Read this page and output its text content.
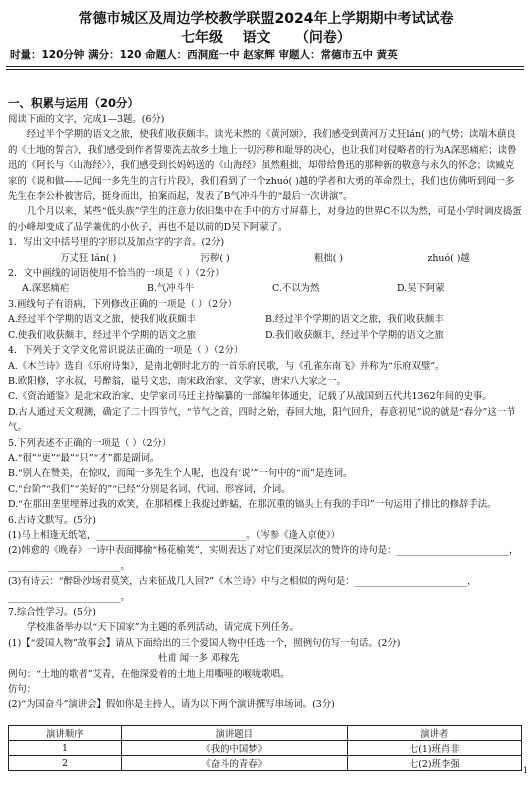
常德市城区及周边学校教学联盟2024年上学期期中考试试卷
七年级 语文 （问卷）
时量：120分钟 满分：120 命题人：西洞庭一中 赵家辉 审题人：常德市五中 黄英
一、积累与运用（20分）

阅读下面的文字，完成1—3题。(6分)

经过半个学期的语文之旅，使我们收获颇丰。读光未然的《黄河颂》，我们感受到黄河万丈狂lán( )的气势；读端木蕻良的《土地的誓言》，我们感受到作者誓要洗去故乡土地上一切污秽和耻辱的决心，也让我们对侵略者的行为A深恶痛疟；读鲁迅的《阿长与〈山海经〉》，我们感受到长妈妈送的《山海经》虽然粗拙，却带给鲁迅的那种新的敬意与永久的怀念；读臧克家的《说和做——记闻一多先生的言行片段》，我们看到了一个zhuó( )越的学者和大勇的革命烈士，我们也仿佛听到闻一多先生在李公朴被害后，挺身而出，拍案而起，发表了B气冲斗牛的“最后一次讲演”。

几个月以来，某些“低头族”学生的注意力依旧集中在手中的方寸屏幕上，对身边的世界C不以为然，可是小学时调皮捣蛋的小峰却变成了品学兼优的小伙子，再也不是以前的D吴下阿蒙了。

1．写出文中括号里的字形以及加点字的字音。(2分)

万丈狂 lán( )	污秽( )	粗拙( )	zhuó( )越

2．文中画线的词语使用不恰当的一项是（ ）（2分）

A.深恶痛疟	B.气冲斗牛	C.不以为然	D.吴下阿蒙

3.画线句子有语病，下列修改正确的一项是（ ）（2分）

A.经过半个学期的语文之旅，使我们收获颇丰	B.经过半个学期的语文之旅，我们收获颇丰
C.使我们收获颇丰，经过半个学期的语文之旅	D.我们收获颇丰，经过半个学期的语文之旅

4．下列关于文学文化常识说法正确的一项是（ ）（2分）

A.《木兰诗》选自《乐府诗集》，是南北朝时北方的一首乐府民歌，与《孔雀东南飞》并称为“乐府双璧”。

B.欧阳修，字永叔，号醉翁，谥号文忠，南宋政治家、文学家，唐宋八大家之一。

C.《资治通鉴》是北宋政治家、史学家司马迁主持编纂的一部编年体通史，记载了从战国到五代共1362年间的史事。

D.古人通过天文观测，确定了二十四节气，“节气之首，四时之始，春回大地，阳气回升，春意初见”说的就是“春分”这一节气。

5.下列表述不正确的一项是（ ）（2分）

A.“很”“更”“最”“只”“才”都是副词。

B.“别人在赞美，在惊叹，而闻一多先生个人呢，也没有‘说’”一句中的“而”是连词。

C.“台阶”“我们”“美好的”“已经”分别是名词、代词、形容词，介词。

D.“在那田垄里埋葬过我的欢笑，在那稻棵上我捉过蚱蜢，在那沉重的镐头上有我的手印”一句运用了排比的修辞手法。

6.古诗文默写。(5分)

(1)马上相逢无纸笔，________________________________。（岑参《逢入京使》）

(2)韩愈的《晚春》一诗中表面揶揄“杨花榆荚”，实则表达了对它们更深层次的赞许的诗句是：________________________，________________________。

(3)有诗云：“醉卧沙场君莫笑，古来征战几人回?”《木兰诗》中与之相似的两句是：________________________，________________________。

7.综合性学习。(5分)

学校准备举办以“天下国家”为主题的系列活动，请完成下列任务。

(1)【“爱国人物”故事会】请从下面给出的三个爱国人物中任选一个，照例句仿写一句话。(2分)

杜甫 闻一多 邓稼先

例句：“土地的歌者”艾青，在他深爱着的土地上用嘶哑的喉咙歌唱。

仿句：

(2)“为国奋斗”演讲会】假如你是主持人，请为以下两个演讲撰写串场词。(3分)

演讲顺序	演讲题目	演讲者
1	《我的中国梦》	七(1)班肖非
2	《奋斗的青春》	七(2)班李强
1
